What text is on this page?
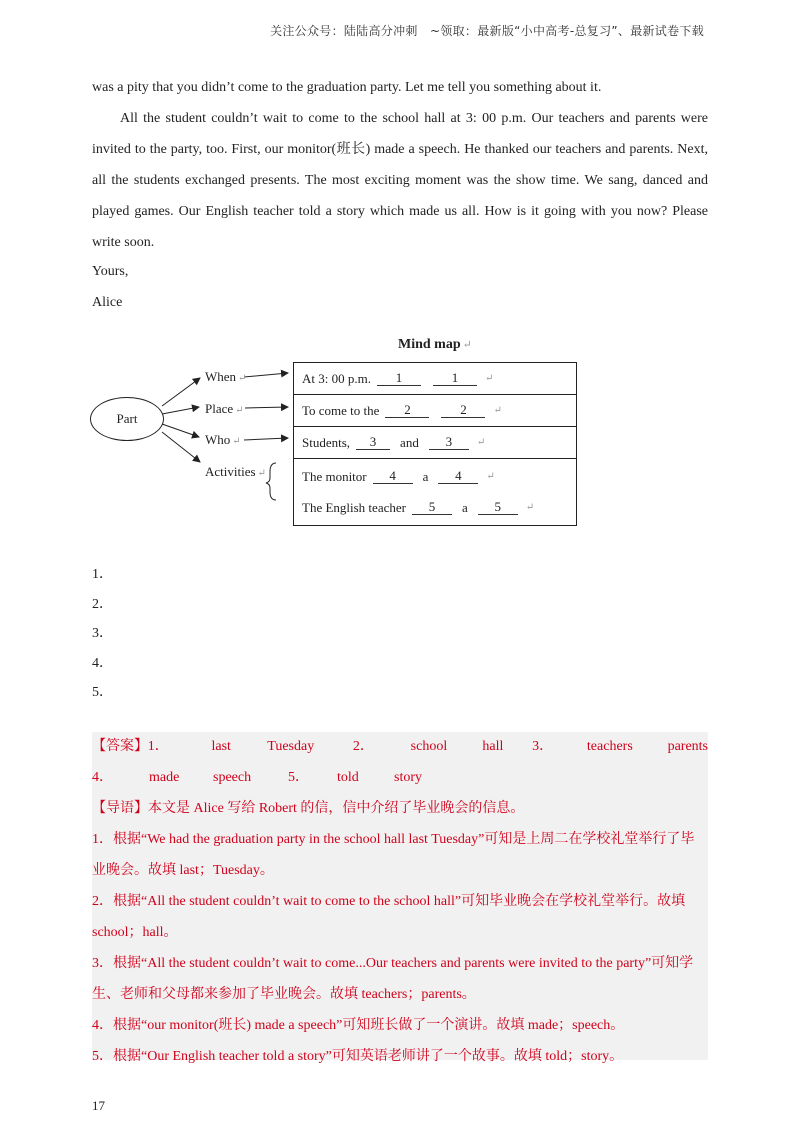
关注公众号：陆陆高分冲刺　~领取：最新版“小中高考-总复习”、最新试卷下载

was a pity that you didn’t come to the graduation party. Let me tell you something about it.

All the student couldn’t wait to come to the school hall at 3: 00 p.m. Our teachers and parents were invited to the party, too. First, our monitor(班长) made a speech. He thanked our teachers and parents. Next, all the students exchanged presents. The most exciting moment was the show time. We sang, danced and played games. Our English teacher told a story which made us all. How is it going with you now? Please write soon.

Yours,

Alice

Mind map ↵
Part
When ↵
Place ↵
Who ↵
Activities ↵
At 3: 00 p.m.	1	1	↵
To come to the	2	2	↵
Students,	3	and	3	↵
The monitor	4	a	4	↵
The English teacher	5	a	5	↵
1．
2．
3．
4．
5．
【答案】 1．	last	Tuesday	2．	school	hall	3．	teachers	parents
4．	made	speech	5．	told	story
【导语】本文是 Alice 写给 Robert 的信，信中介绍了毕业晚会的信息。
1．根据“We had the graduation party in the school hall last Tuesday”可知是上周二在学校礼堂举行了毕
业晚会。故填 last；Tuesday。
2．根据“All the student couldn’t wait to come to the school hall”可知毕业晚会在学校礼堂举行。故填
school；hall。
3．根据“All the student couldn’t wait to come...Our teachers and parents were invited to the party”可知学
生、老师和父母都来参加了毕业晚会。故填 teachers；parents。
4．根据“our monitor(班长) made a speech”可知班长做了一个演讲。故填 made；speech。
5．根据“Our English teacher told a story”可知英语老师讲了一个故事。故填 told；story。
17
